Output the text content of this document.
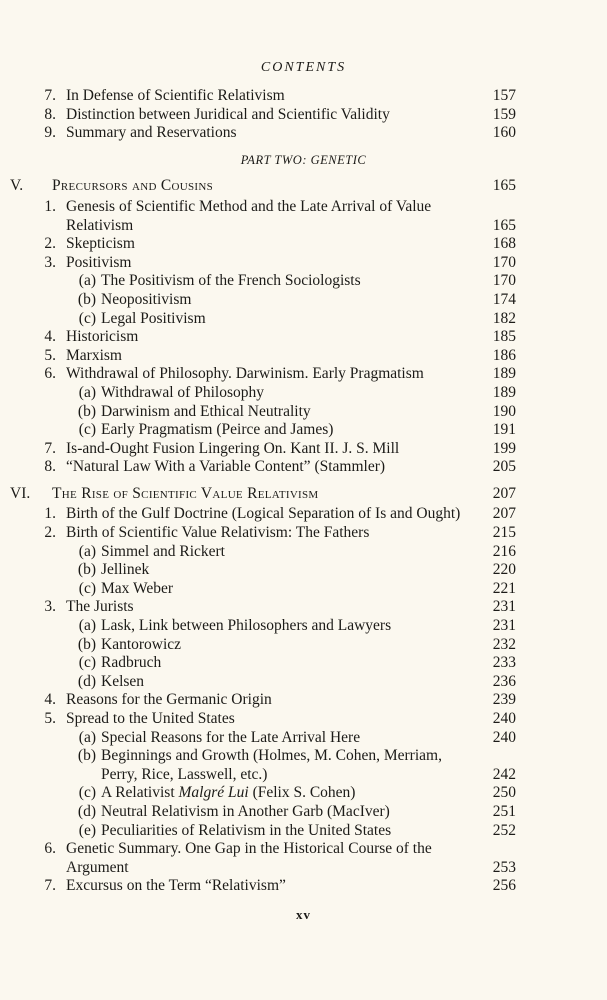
CONTENTS
7. In Defense of Scientific Relativism	157
8. Distinction between Juridical and Scientific Validity	159
9. Summary and Reservations	160
PART TWO: GENETIC
V.	Precursors and Cousins	165
1. Genesis of Scientific Method and the Late Arrival of Value
Relativism	165
2. Skepticism	168
3. Positivism	170
(a) The Positivism of the French Sociologists	170
(b) Neopositivism	174
(c) Legal Positivism	182
4. Historicism	185
5. Marxism	186
6. Withdrawal of Philosophy. Darwinism. Early Pragmatism	189
(a) Withdrawal of Philosophy	189
(b) Darwinism and Ethical Neutrality	190
(c) Early Pragmatism (Peirce and James)	191
7. Is-and-Ought Fusion Lingering On. Kant II. J. S. Mill	199
8. “Natural Law With a Variable Content” (Stammler)	205
VI.	The Rise of Scientific Value Relativism	207
1. Birth of the Gulf Doctrine (Logical Separation of Is and Ought) 207
2. Birth of Scientific Value Relativism: The Fathers	215
(a) Simmel and Rickert	216
(b) Jellinek	220
(c) Max Weber	221
3. The Jurists	231
(a) Lask, Link between Philosophers and Lawyers	231
(b) Kantorowicz	232
(c) Radbruch	233
(d) Kelsen	236
4. Reasons for the Germanic Origin	239
5. Spread to the United States	240
(a) Special Reasons for the Late Arrival Here	240
(b) Beginnings and Growth (Holmes, M. Cohen, Merriam,
Perry, Rice, Lasswell, etc.)	242
(c) A Relativist Malgré Lui (Felix S. Cohen)	250
(d) Neutral Relativism in Another Garb (MacIver)	251
(e) Peculiarities of Relativism in the United States	252
6. Genetic Summary. One Gap in the Historical Course of the
Argument	253
7. Excursus on the Term “Relativism”	256
xv
